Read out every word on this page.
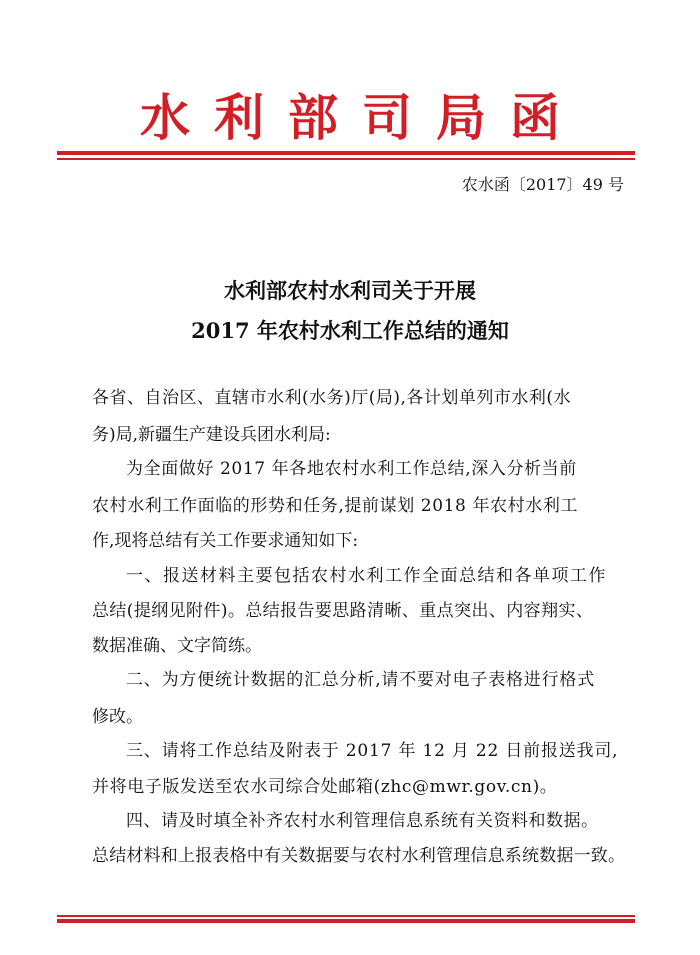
水利部司局函
农水函〔2017〕49 号
水利部农村水利司关于开展
2017 年农村水利工作总结的通知
各省、自治区、直辖市水利(水务)厅(局),各计划单列市水利(水
务)局,新疆生产建设兵团水利局:
为全面做好 2017 年各地农村水利工作总结,深入分析当前
农村水利工作面临的形势和任务,提前谋划 2018 年农村水利工
作,现将总结有关工作要求通知如下:
一、报送材料主要包括农村水利工作全面总结和各单项工作
总结(提纲见附件)。总结报告要思路清晰、重点突出、内容翔实、
数据准确、文字简练。
二、为方便统计数据的汇总分析,请不要对电子表格进行格式
修改。
三、请将工作总结及附表于 2017 年 12 月 22 日前报送我司,
并将电子版发送至农水司综合处邮箱(zhc@mwr.gov.cn)。
四、请及时填全补齐农村水利管理信息系统有关资料和数据。
总结材料和上报表格中有关数据要与农村水利管理信息系统数据一致。
